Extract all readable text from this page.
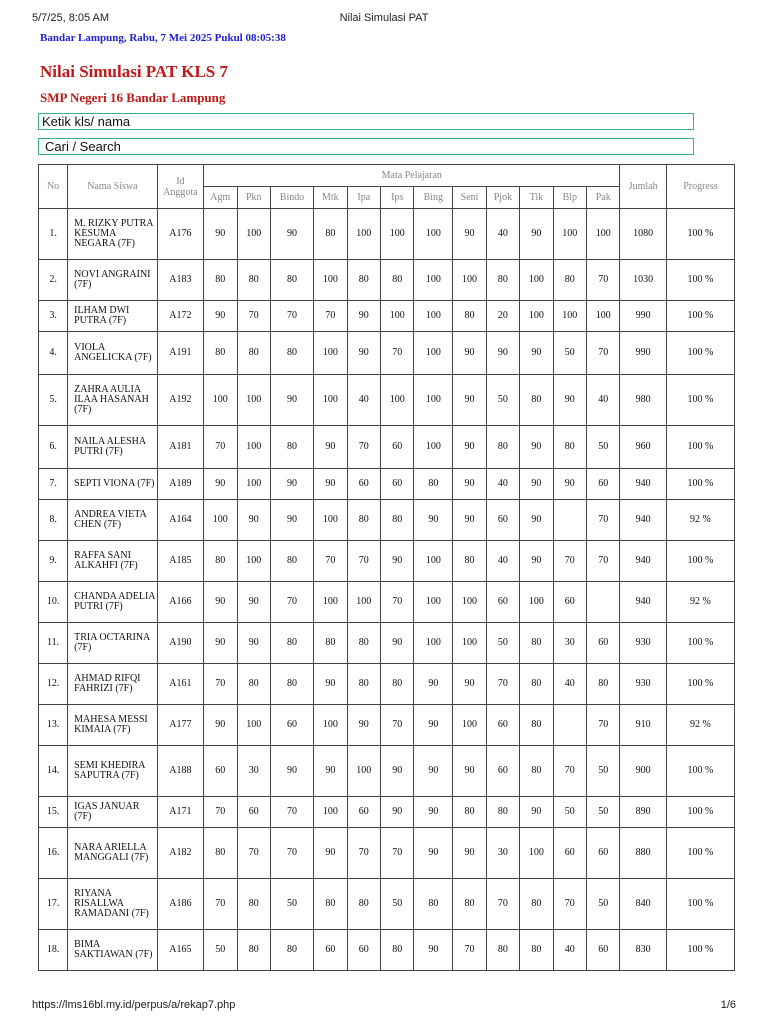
5/7/25, 8:05 AM	Nilai Simulasi PAT
Bandar Lampung, Rabu, 7 Mei 2025 Pukul 08:05:38
Nilai Simulasi PAT KLS 7
SMP Negeri 16 Bandar Lampung
Ketik kls/ nama
Cari / Search
No	Nama Siswa	Id Anggota	Mata Pelajaran												Jumlah	Progress
			Agm	Pkn	Bindo	Mtk	Ipa	Ips	Bing	Seni	Pjok	Tik	Blp	Pak		
1.	M. RIZKY PUTRA KESUMA NEGARA (7F)	A176	90	100	90	80	100	100	100	90	40	90	100	100	1080	100 %
2.	NOVI ANGRAINI (7F)	A183	80	80	80	100	80	80	100	100	80	100	80	70	1030	100 %
3.	ILHAM DWI PUTRA (7F)	A172	90	70	70	70	90	100	100	80	20	100	100	100	990	100 %
4.	VIOLA ANGELICKA (7F)	A191	80	80	80	100	90	70	100	90	90	90	50	70	990	100 %
5.	ZAHRA AULIA ILAA HASANAH (7F)	A192	100	100	90	100	40	100	100	90	50	80	90	40	980	100 %
6.	NAILA ALESHA PUTRI (7F)	A181	70	100	80	90	70	60	100	90	80	90	80	50	960	100 %
7.	SEPTI VIONA (7F)	A189	90	100	90	90	60	60	80	90	40	90	90	60	940	100 %
8.	ANDREA VIETA CHEN (7F)	A164	100	90	90	100	80	80	90	90	60	90		70	940	92 %
9.	RAFFA SANI ALKAHFI (7F)	A185	80	100	80	70	70	90	100	80	40	90	70	70	940	100 %
10.	CHANDA ADELIA PUTRI (7F)	A166	90	90	70	100	100	70	100	100	60	100	60		940	92 %
11.	TRIA OCTARINA (7F)	A190	90	90	80	80	80	90	100	100	50	80	30	60	930	100 %
12.	AHMAD RIFQI FAHRIZI (7F)	A161	70	80	80	90	80	80	90	90	70	80	40	80	930	100 %
13.	MAHESA MESSI KIMAIA (7F)	A177	90	100	60	100	90	70	90	100	60	80		70	910	92 %
14.	SEMI KHEDIRA SAPUTRA (7F)	A188	60	30	90	90	100	90	90	90	60	80	70	50	900	100 %
15.	IGAS JANUAR (7F)	A171	70	60	70	100	60	90	90	80	80	90	50	50	890	100 %
16.	NARA ARIELLA MANGGALI (7F)	A182	80	70	70	90	70	70	90	90	30	100	60	60	880	100 %
17.	RIYANA RISALLWA RAMADANI (7F)	A186	70	80	50	80	80	50	80	80	70	80	70	50	840	100 %
18.	BIMA SAKTIAWAN (7F)	A165	50	80	80	60	60	80	90	70	80	80	40	60	830	100 %
https://lms16bl.my.id/perpus/a/rekap7.php	1/6
